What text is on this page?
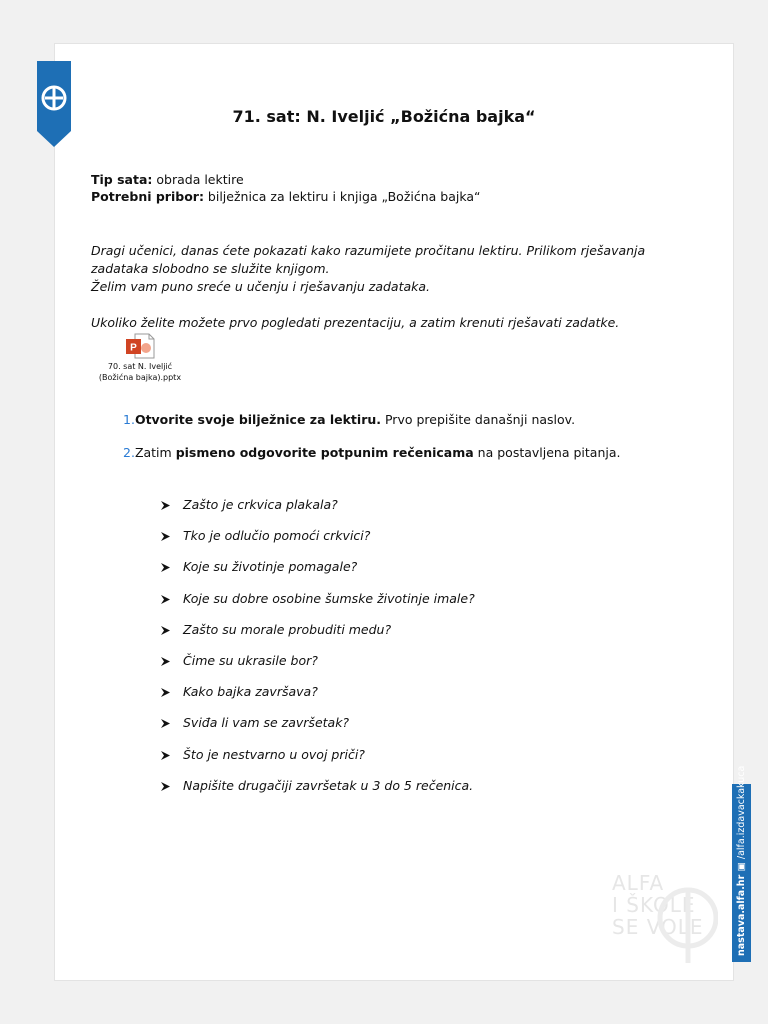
71. sat: N. Iveljić „Božićna bajka“
Tip sata: obrada lektire
Potrebni pribor: bilježnica za lektiru i knjiga „Božićna bajka“
Dragi učenici, danas ćete pokazati kako razumijete pročitanu lektiru. Prilikom rješavanja
zadataka slobodno se služite knjigom.
Želim vam puno sreće u učenju i rješavanju zadataka.
Ukoliko želite možete prvo pogledati prezentaciju, a zatim krenuti rješavati zadatke.
P
70. sat N. Iveljić
(Božićna bajka).pptx
1.Otvorite svoje bilježnice za lektiru. Prvo prepišite današnji naslov.
2.Zatim pismeno odgovorite potpunim rečenicama na postavljena pitanja.
Zašto je crkvica plakala?
Tko je odlučio pomoći crkvici?
Koje su životinje pomagale?
Koje su dobre osobine šumske životinje imale?
Zašto su morale probuditi medu?
Čime su ukrasile bor?
Kako bajka završava?
Sviđa li vam se završetak?
Što je nestvarno u ovoj priči?
Napišite drugačiji završetak u 3 do 5 rečenica.
ALFA
I ŠKOLE
SE VOLE	nastava.alfa.hr ▣ /alfa.izdavackakuca
